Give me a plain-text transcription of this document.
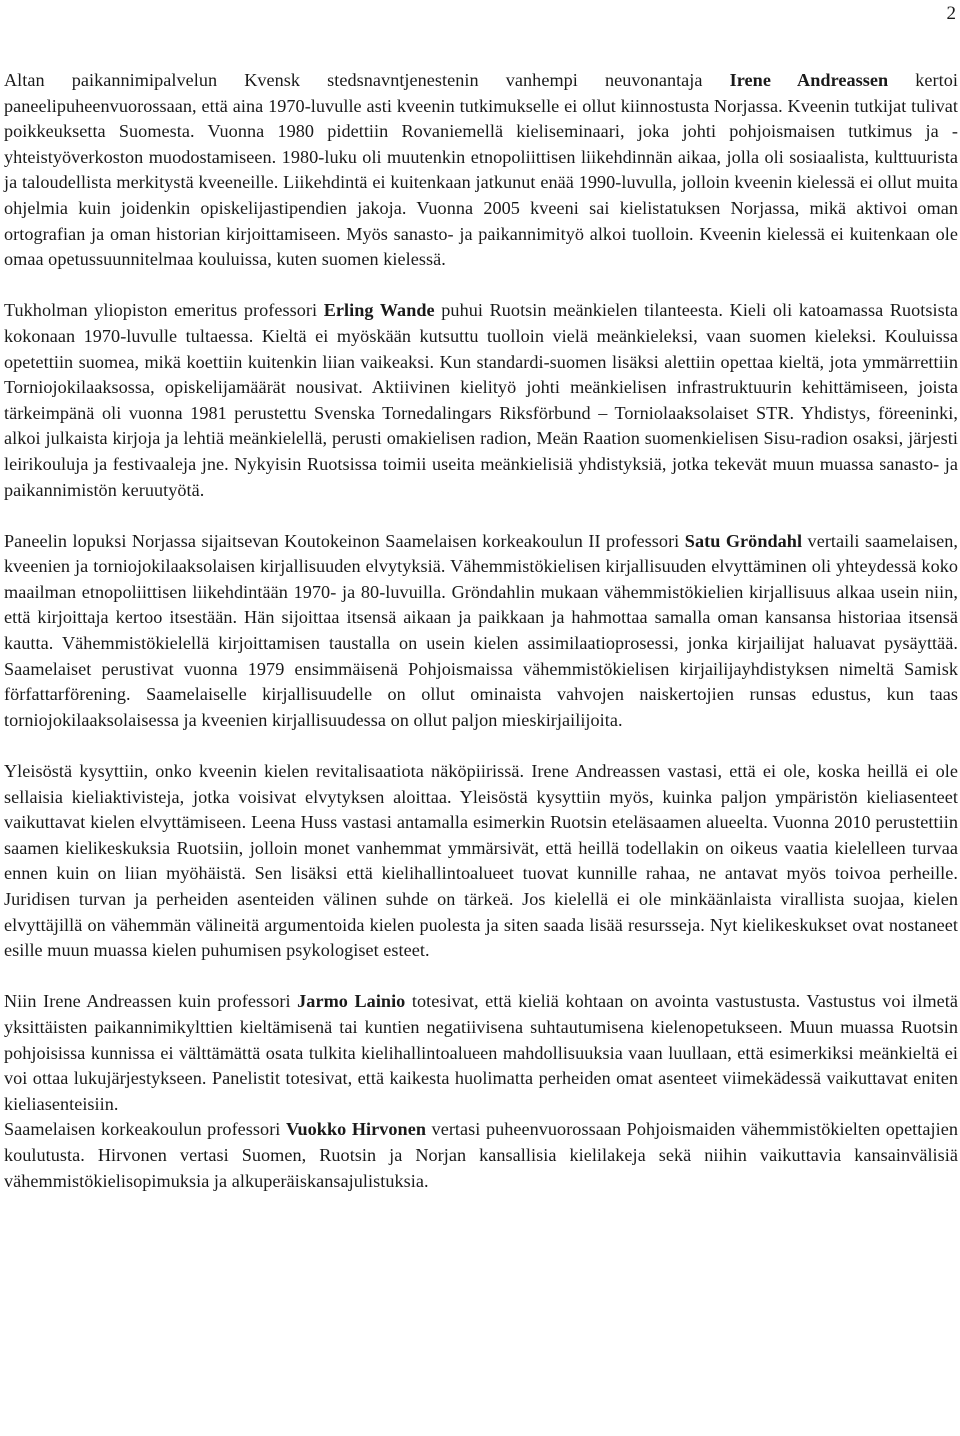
2

Altan paikannimipalvelun Kvensk stedsnavntjenestenin vanhempi neuvonantaja Irene Andreassen kertoi paneelipuheenvuorossaan, että aina 1970-luvulle asti kveenin tutkimukselle ei ollut kiinnostusta Norjassa. Kveenin tutkijat tulivat poikkeuksetta Suomesta. Vuonna 1980 pidettiin Rovaniemellä kieliseminaari, joka johti pohjoismaisen tutkimus ja -yhteistyöverkoston muodostamiseen. 1980-luku oli muutenkin etnopoliittisen liikehdinnän aikaa, jolla oli sosiaalista, kulttuurista ja taloudellista merkitystä kveeneille. Liikehdintä ei kuitenkaan jatkunut enää 1990-luvulla, jolloin kveenin kielessä ei ollut muita ohjelmia kuin joidenkin opiskelijastipendien jakoja. Vuonna 2005 kveeni sai kielistatuksen Norjassa, mikä aktivoi oman ortografian ja oman historian kirjoittamiseen. Myös sanasto- ja paikannimityö alkoi tuolloin. Kveenin kielessä ei kuitenkaan ole omaa opetussuunnitelmaa kouluissa, kuten suomen kielessä.

Tukholman yliopiston emeritus professori Erling Wande puhui Ruotsin meänkielen tilanteesta. Kieli oli katoamassa Ruotsista kokonaan 1970-luvulle tultaessa. Kieltä ei myöskään kutsuttu tuolloin vielä meänkieleksi, vaan suomen kieleksi. Kouluissa opetettiin suomea, mikä koettiin kuitenkin liian vaikeaksi. Kun standardi-suomen lisäksi alettiin opettaa kieltä, jota ymmärrettiin Torniojokilaaksossa, opiskelijamäärät nousivat. Aktiivinen kielityö johti meänkielisen infrastruktuurin kehittämiseen, joista tärkeimpänä oli vuonna 1981 perustettu Svenska Tornedalingars Riksförbund – Torniolaaksolaiset STR. Yhdistys, föreeninki, alkoi julkaista kirjoja ja lehtiä meänkielellä, perusti omakielisen radion, Meän Raation suomenkielisen Sisu-radion osaksi, järjesti leirikouluja ja festivaaleja jne. Nykyisin Ruotsissa toimii useita meänkielisiä yhdistyksiä, jotka tekevät muun muassa sanasto- ja paikannimistön keruutyötä.

Paneelin lopuksi Norjassa sijaitsevan Koutokeinon Saamelaisen korkeakoulun II professori Satu Gröndahl vertaili saamelaisen, kveenien ja torniojokilaaksolaisen kirjallisuuden elvytyksiä. Vähemmistökielisen kirjallisuuden elvyttäminen oli yhteydessä koko maailman etnopoliittisen liikehdintään 1970- ja 80-luvuilla. Gröndahlin mukaan vähemmistökielien kirjallisuus alkaa usein niin, että kirjoittaja kertoo itsestään. Hän sijoittaa itsensä aikaan ja paikkaan ja hahmottaa samalla oman kansansa historiaa itsensä kautta. Vähemmistökielellä kirjoittamisen taustalla on usein kielen assimilaatioprosessi, jonka kirjailijat haluavat pysäyttää. Saamelaiset perustivat vuonna 1979 ensimmäisenä Pohjoismaissa vähemmistökielisen kirjailijayhdistyksen nimeltä Samisk författarförening. Saamelaiselle kirjallisuudelle on ollut ominaista vahvojen naiskertojien runsas edustus, kun taas torniojokilaaksolaisessa ja kveenien kirjallisuudessa on ollut paljon mieskirjailijoita.

Yleisöstä kysyttiin, onko kveenin kielen revitalisaatiota näköpiirissä. Irene Andreassen vastasi, että ei ole, koska heillä ei ole sellaisia kieliaktivisteja, jotka voisivat elvytyksen aloittaa. Yleisöstä kysyttiin myös, kuinka paljon ympäristön kieliasenteet vaikuttavat kielen elvyttämiseen. Leena Huss vastasi antamalla esimerkin Ruotsin eteläsaamen alueelta. Vuonna 2010 perustettiin saamen kielikeskuksia Ruotsiin, jolloin monet vanhemmat ymmärsivät, että heillä todellakin on oikeus vaatia kielelleen turvaa ennen kuin on liian myöhäistä. Sen lisäksi että kielihallintoalueet tuovat kunnille rahaa, ne antavat myös toivoa perheille. Juridisen turvan ja perheiden asenteiden välinen suhde on tärkeä. Jos kielellä ei ole minkäänlaista virallista suojaa, kielen elvyttäjillä on vähemmän välineitä argumentoida kielen puolesta ja siten saada lisää resursseja. Nyt kielikeskukset ovat nostaneet esille muun muassa kielen puhumisen psykologiset esteet.

Niin Irene Andreassen kuin professori Jarmo Lainio totesivat, että kieliä kohtaan on avointa vastustusta. Vastustus voi ilmetä yksittäisten paikannimikylttien kieltämisenä tai kuntien negatiivisena suhtautumisena kielenopetukseen. Muun muassa Ruotsin pohjoisissa kunnissa ei välttämättä osata tulkita kielihallintoalueen mahdollisuuksia vaan luullaan, että esimerkiksi meänkieltä ei voi ottaa lukujärjestykseen. Panelistit totesivat, että kaikesta huolimatta perheiden omat asenteet viimekädessä vaikuttavat eniten kieliasenteisiin.

Saamelaisen korkeakoulun professori Vuokko Hirvonen vertasi puheenvuorossaan Pohjoismaiden vähemmistökielten opettajien koulutusta. Hirvonen vertasi Suomen, Ruotsin ja Norjan kansallisia kielilakeja sekä niihin vaikuttavia kansainvälisiä vähemmistökielisopimuksia ja alkuperäiskansajulistuksia.
